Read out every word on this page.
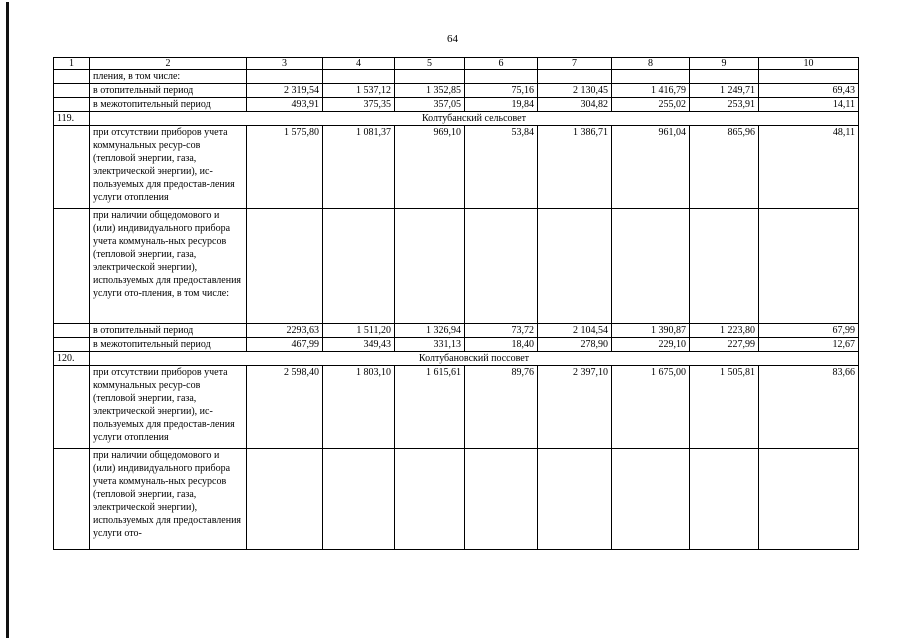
64
1	2	3	4	5	6	7	8	9	10
	пления, в том числе:								
	в отопительный период	2 319,54	1 537,12	1 352,85	75,16	2 130,45	1 416,79	1 249,71	69,43
	в межотопительный период	493,91	375,35	357,05	19,84	304,82	255,02	253,91	14,11
119.	Колтубанский сельсовет								
	при отсутствии приборов учета коммунальных ресур-сов (тепловой энергии, газа, электрической энергии), ис-пользуемых для предостав-ления услуги отопления	1 575,80	1 081,37	969,10	53,84	1 386,71	961,04	865,96	48,11
	при наличии общедомового и (или) индивидуального прибора учета коммуналь-ных ресурсов (тепловой энергии, газа, электрической энергии), используемых для предоставления услуги ото-пления, в том числе:								
	в отопительный период	2293,63	1 511,20	1 326,94	73,72	2 104,54	1 390,87	1 223,80	67,99
	в межотопительный период	467,99	349,43	331,13	18,40	278,90	229,10	227,99	12,67
120.	Колтубановский поссовет								
	при отсутствии приборов учета коммунальных ресур-сов (тепловой энергии, газа, электрической энергии), ис-пользуемых для предостав-ления услуги отопления	2 598,40	1 803,10	1 615,61	89,76	2 397,10	1 675,00	1 505,81	83,66
	при наличии общедомового и (или) индивидуального прибора учета коммуналь-ных ресурсов (тепловой энергии, газа, электрической энергии), используемых для предоставления услуги ото-								
